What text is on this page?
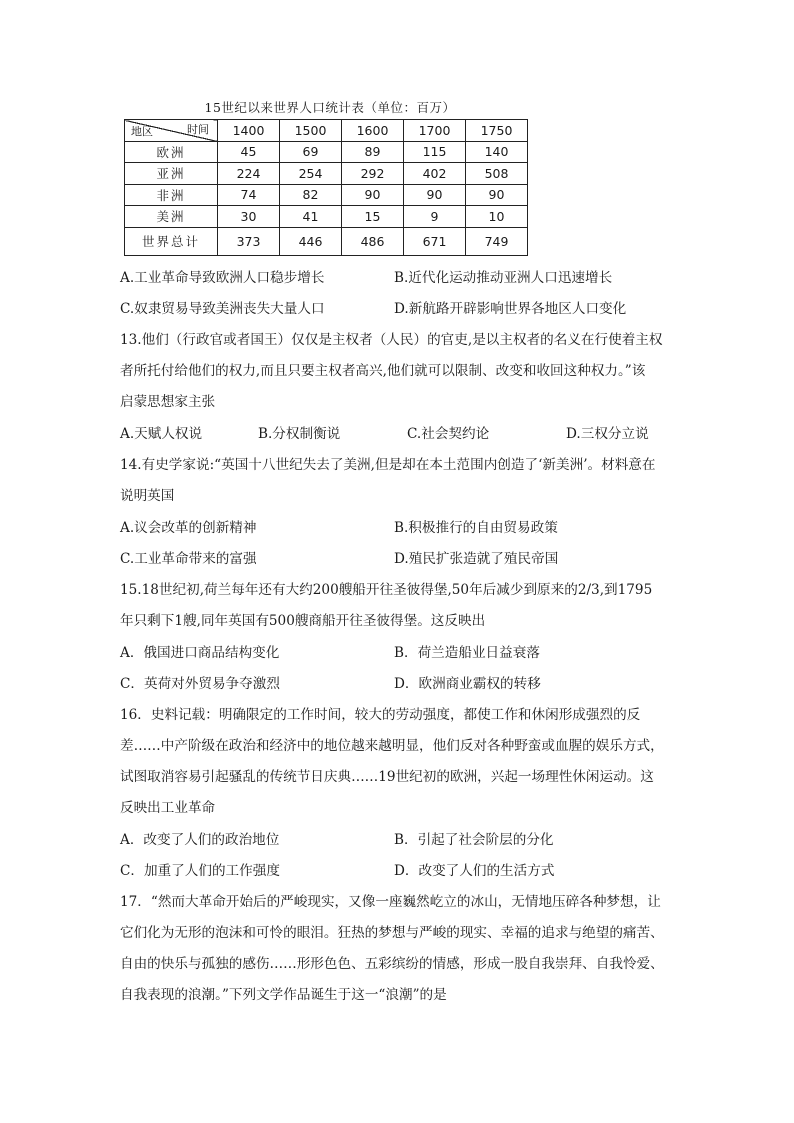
15世纪以来世界人口统计表（单位：百万）
地区 时间	1400	1500	1600	1700	1750
欧洲	45	69	89	115	140
亚洲	224	254	292	402	508
非洲	74	82	90	90	90
美洲	30	41	15	9	10
世界总计	373	446	486	671	749
A.工业革命导致欧洲人口稳步增长	B.近代化运动推动亚洲人口迅速增长
C.奴隶贸易导致美洲丧失大量人口	D.新航路开辟影响世界各地区人口变化
13.他们（行政官或者国王）仅仅是主权者（人民）的官吏,是以主权者的名义在行使着主权
者所托付给他们的权力,而且只要主权者高兴,他们就可以限制、改变和收回这种权力。”该
启蒙思想家主张
A.天赋人权说	B.分权制衡说	C.社会契约论	D.三权分立说
14.有史学家说:“英国十八世纪失去了美洲,但是却在本土范围内创造了‘新美洲’。材料意在
说明英国
A.议会改革的创新精神	B.积极推行的自由贸易政策
C.工业革命带来的富强	D.殖民扩张造就了殖民帝国
15.18世纪初,荷兰每年还有大约200艘船开往圣彼得堡,50年后减少到原来的2/3,到1795
年只剩下1艘,同年英国有500艘商船开往圣彼得堡。这反映出
A．俄国进口商品结构变化	B．荷兰造船业日益衰落
C．英荷对外贸易争夺激烈	D．欧洲商业霸权的转移
16．史料记载：明确限定的工作时间，较大的劳动强度，都使工作和休闲形成强烈的反
差……中产阶级在政治和经济中的地位越来越明显，他们反对各种野蛮或血腥的娱乐方式，
试图取消容易引起骚乱的传统节日庆典……19世纪初的欧洲，兴起一场理性休闲运动。这
反映出工业革命
A．改变了人们的政治地位	B．引起了社会阶层的分化
C．加重了人们的工作强度	D．改变了人们的生活方式
17．“然而大革命开始后的严峻现实，又像一座巍然屹立的冰山，无情地压碎各种梦想，让
它们化为无形的泡沫和可怜的眼泪。狂热的梦想与严峻的现实、幸福的追求与绝望的痛苦、
自由的快乐与孤独的感伤……形形色色、五彩缤纷的情感，形成一股自我崇拜、自我怜爱、
自我表现的浪潮。”下列文学作品诞生于这一“浪潮”的是
